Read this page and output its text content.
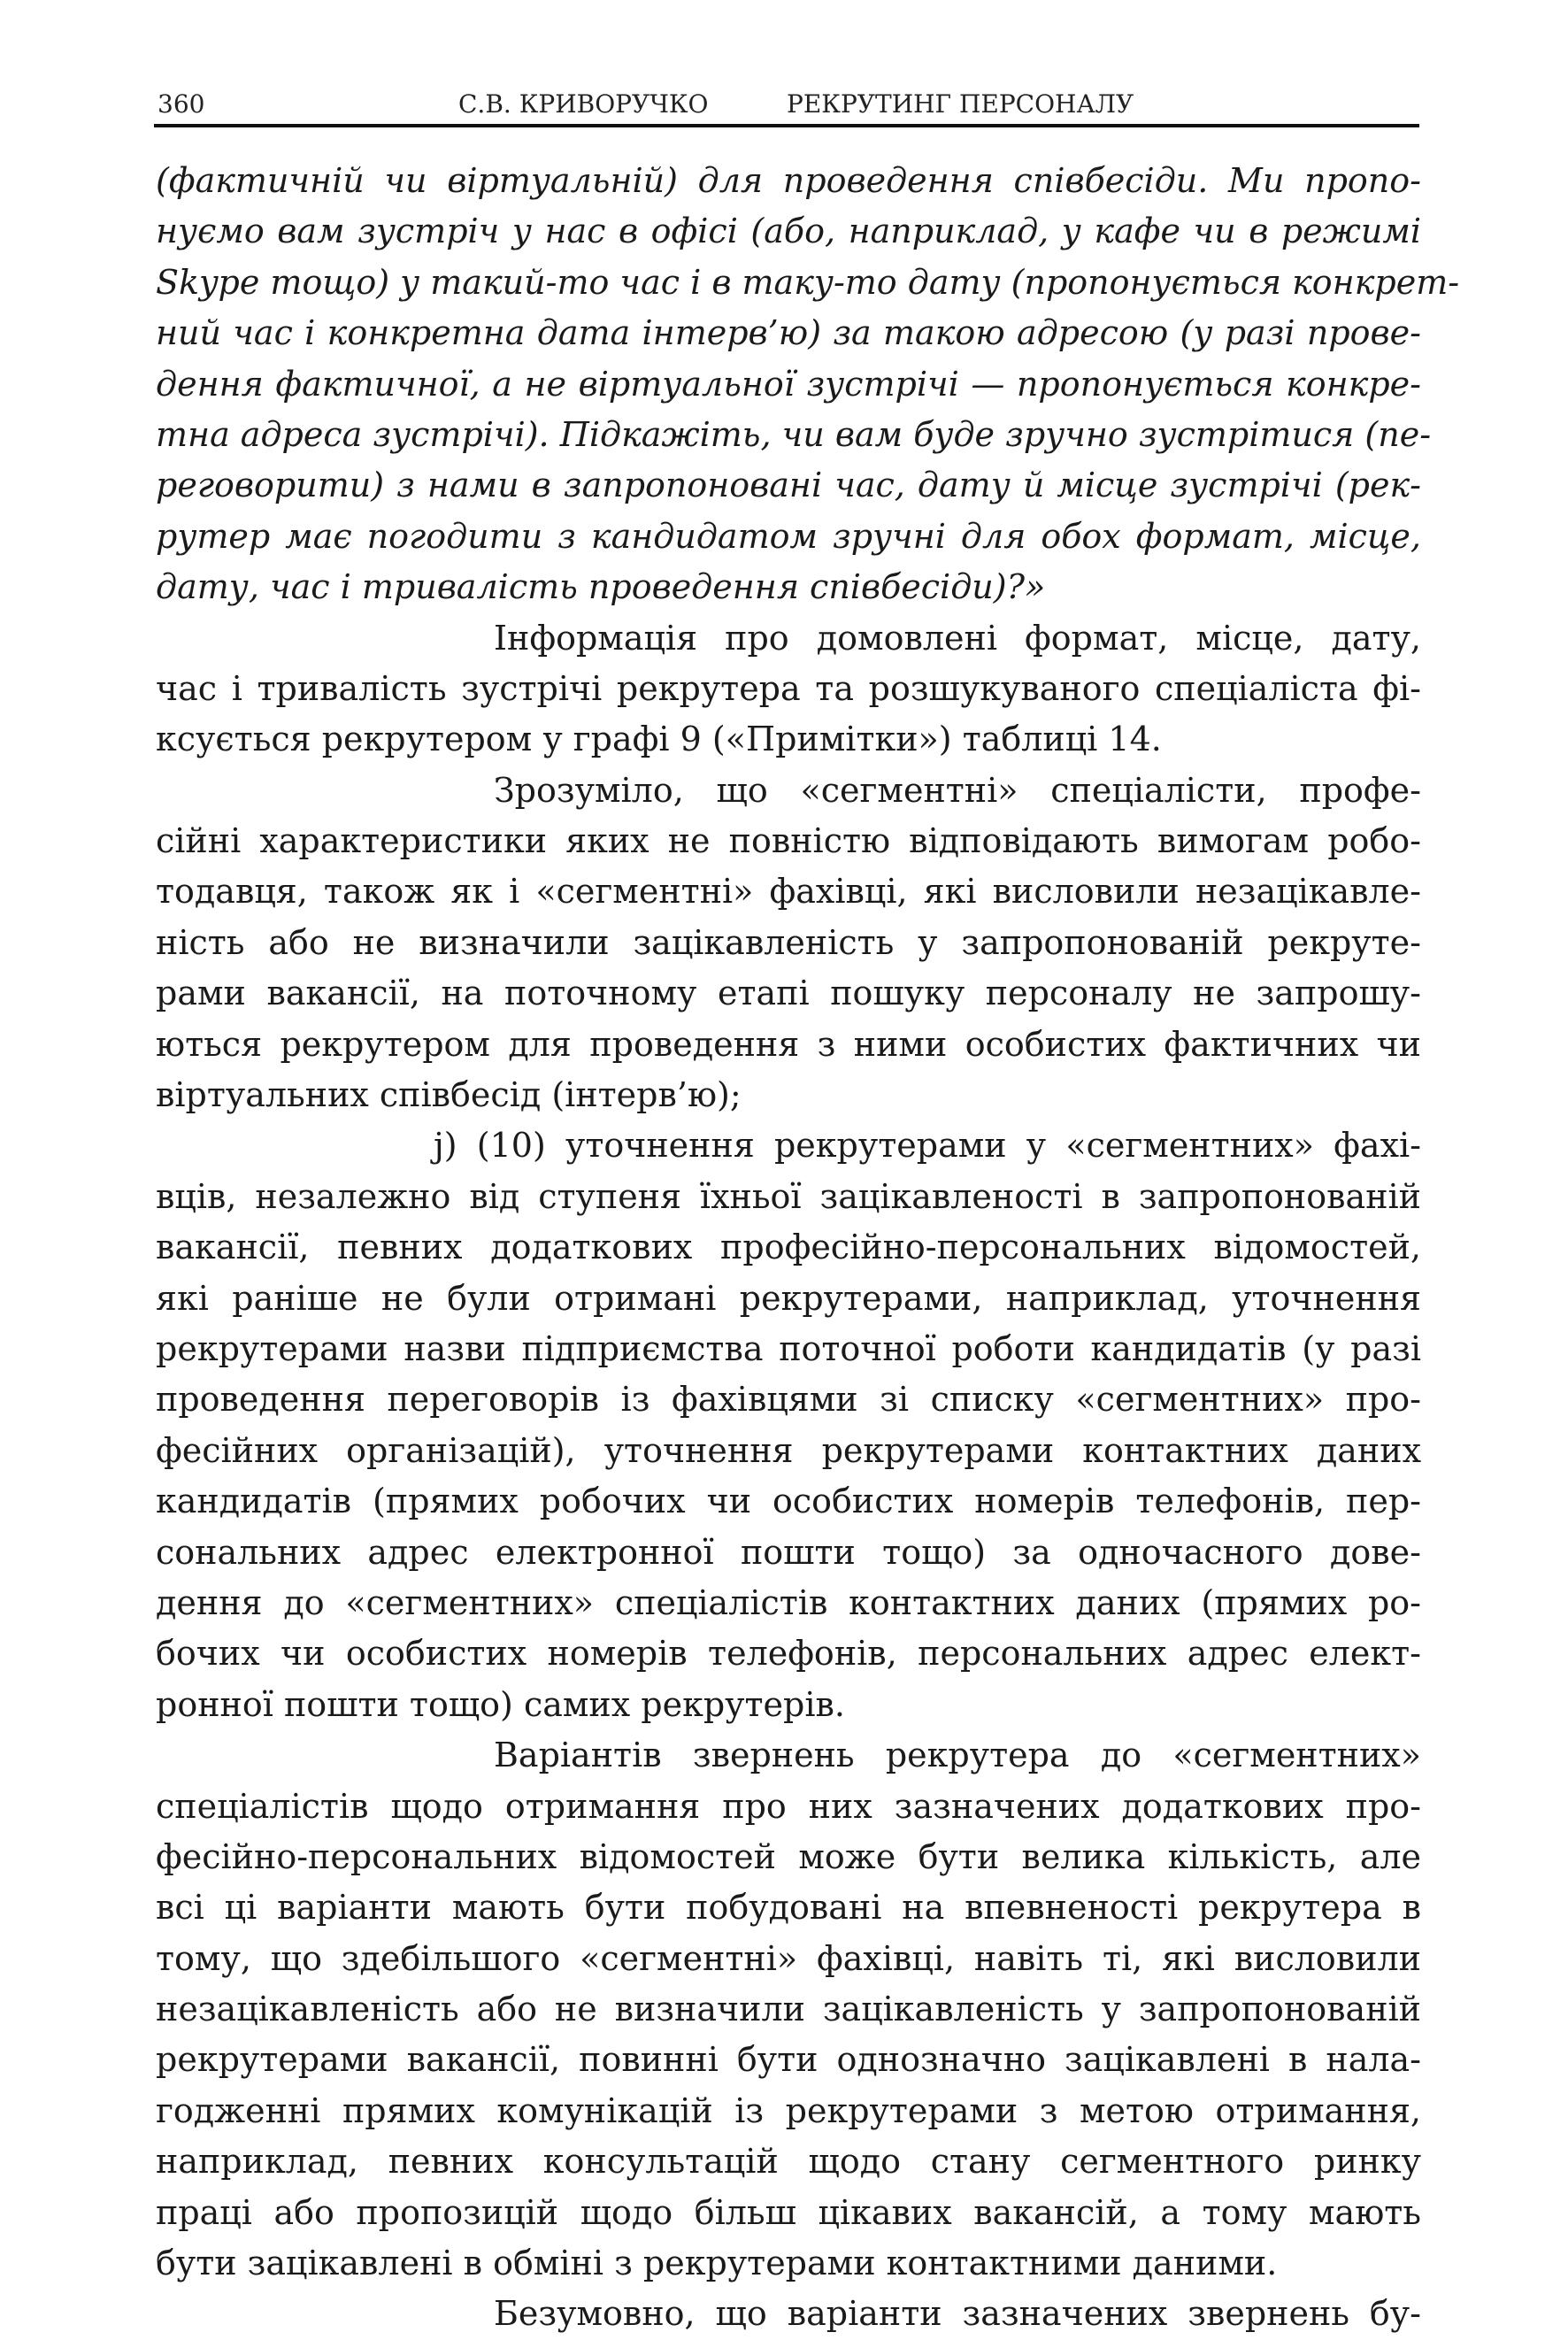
360	С.В. КРИВОРУЧКО	РЕКРУТИНГ ПЕРСОНАЛУ
(фактичній чи віртуальній) для проведення співбесіди. Ми пропо-
нуємо вам зустріч у нас в офісі (або, наприклад, у кафе чи в режимі
Skype тощо) у такий-то час і в таку-то дату (пропонується конкрет-
ний час і конкретна дата інтерв’ю) за такою адресою (у разі прове-
дення фактичної, а не віртуальної зустрічі — пропонується конкре-
тна адреса зустрічі). Підкажіть, чи вам буде зручно зустрітися (пе-
реговорити) з нами в запропоновані час, дату й місце зустрічі (рек-
рутер має погодити з кандидатом зручні для обох формат, місце,
дату, час і тривалість проведення співбесіди)?»
Інформація про домовлені формат, місце, дату,
час і тривалість зустрічі рекрутера та розшукуваного спеціаліста фі-
ксується рекрутером у графі 9 («Примітки») таблиці 14.
Зрозуміло, що «сегментні» спеціалісти, профе-
сійні характеристики яких не повністю відповідають вимогам робо-
тодавця, також як і «сегментні» фахівці, які висловили незацікавле-
ність або не визначили зацікавленість у запропонованій рекруте-
рами вакансії, на поточному етапі пошуку персоналу не запрошу-
ються рекрутером для проведення з ними особистих фактичних чи
віртуальних співбесід (інтерв’ю);
j) (10) уточнення рекрутерами у «сегментних» фахі-
вців, незалежно від ступеня їхньої зацікавленості в запропонованій
вакансії, певних додаткових професійно-персональних відомостей,
які раніше не були отримані рекрутерами, наприклад, уточнення
рекрутерами назви підприємства поточної роботи кандидатів (у разі
проведення переговорів із фахівцями зі списку «сегментних» про-
фесійних організацій), уточнення рекрутерами контактних даних
кандидатів (прямих робочих чи особистих номерів телефонів, пер-
сональних адрес електронної пошти тощо) за одночасного дове-
дення до «сегментних» спеціалістів контактних даних (прямих ро-
бочих чи особистих номерів телефонів, персональних адрес елект-
ронної пошти тощо) самих рекрутерів.
Варіантів звернень рекрутера до «сегментних»
спеціалістів щодо отримання про них зазначених додаткових про-
фесійно-персональних відомостей може бути велика кількість, але
всі ці варіанти мають бути побудовані на впевненості рекрутера в
тому, що здебільшого «сегментні» фахівці, навіть ті, які висловили
незацікавленість або не визначили зацікавленість у запропонованій
рекрутерами вакансії, повинні бути однозначно зацікавлені в нала-
годженні прямих комунікацій із рекрутерами з метою отримання,
наприклад, певних консультацій щодо стану сегментного ринку
праці або пропозицій щодо більш цікавих вакансій, а тому мають
бути зацікавлені в обміні з рекрутерами контактними даними.
Безумовно, що варіанти зазначених звернень бу-
